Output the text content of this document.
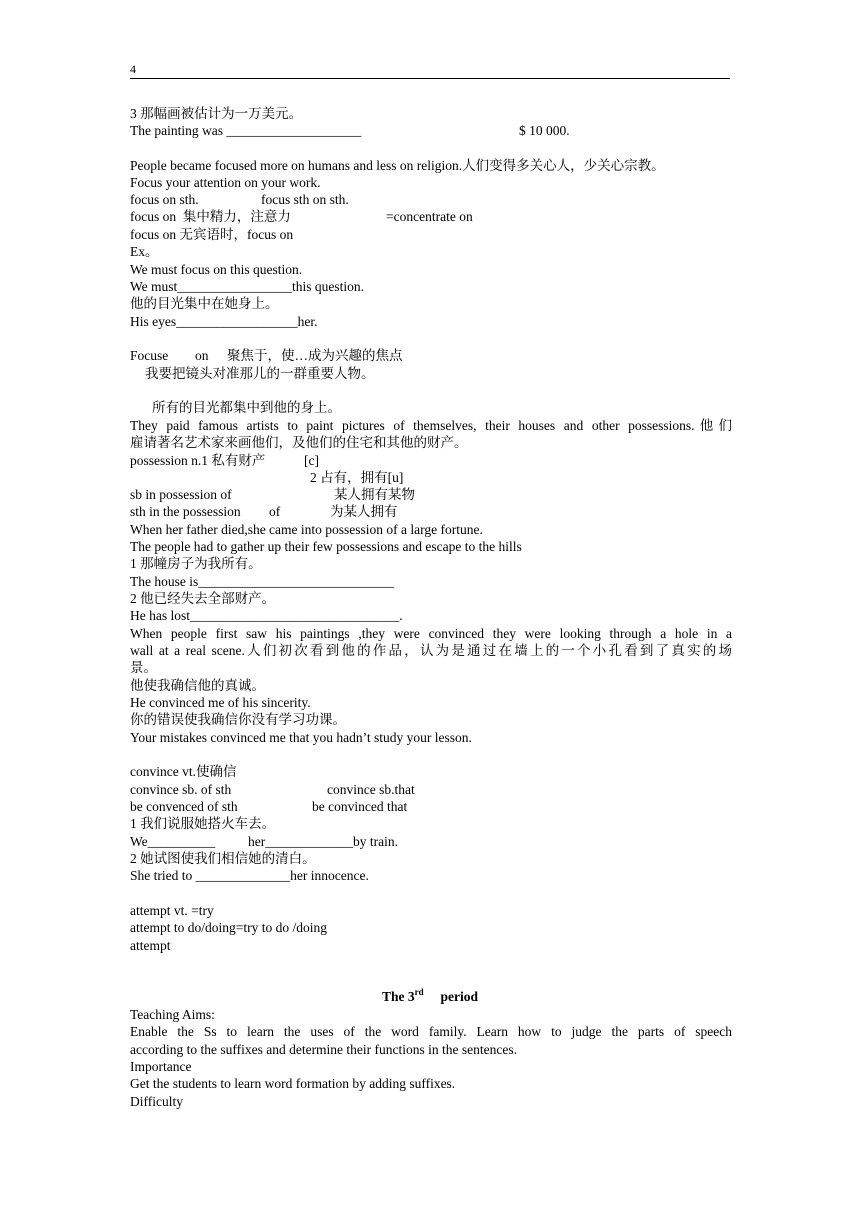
4
3 那幅画被估计为一万美元。
The painting was ____________________	$ 10 000.
People became focused more on humans and less on religion.人们变得多关心人，少关心宗教。
Focus your attention on your work.
focus on sth.	focus sth on sth.
focus on  集中精力，注意力	=concentrate on
focus on 无宾语时，focus on
Ex。
We must focus on this question.
We must_________________this question.
他的目光集中在她身上。
His eyes__________________her.
Focuse on 聚焦于，使…成为兴趣的焦点
我要把镜头对准那儿的一群重要人物。
所有的目光都集中到他的身上。
They paid famous artists to paint pictures of themselves, their houses and other possessions.他们
雇请著名艺术家来画他们，及他们的住宅和其他的财产。
possession n.1 私有财产	[c]
2 占有，拥有[u]
sb in possession of	某人拥有某物
sth in the possession of	为某人拥有
When her father died,she came into possession of a large fortune.
The people had to gather up their few possessions and escape to the hills
1 那幢房子为我所有。
The house is_____________________________
2 他已经失去全部财产。
He has lost_______________________________.
When people first saw his paintings ,they were convinced they were looking through a hole in a
wall at a real scene.人们初次看到他的作品，认为是通过在墙上的一个小孔看到了真实的场
景。
他使我确信他的真诚。
He convinced me of his sincerity.
你的错误使我确信你没有学习功课。
Your mistakes convinced me that you hadn’t study your lesson.
convince vt.使确信
convince sb. of sth	convince sb.that
be convenced of sth	be convinced that
1 我们说服她搭火车去。
We__________ her_____________by train.
2 她试图使我们相信她的清白。
She tried to ______________her innocence.
attempt vt. =try
attempt to do/doing=try to do /doing
attempt
The 3rd period
Teaching Aims:
Enable the Ss to learn the uses of the word family. Learn how to judge the parts of speech
according to the suffixes and determine their functions in the sentences.
Importance
Get the students to learn word formation by adding suffixes.
Difficulty
